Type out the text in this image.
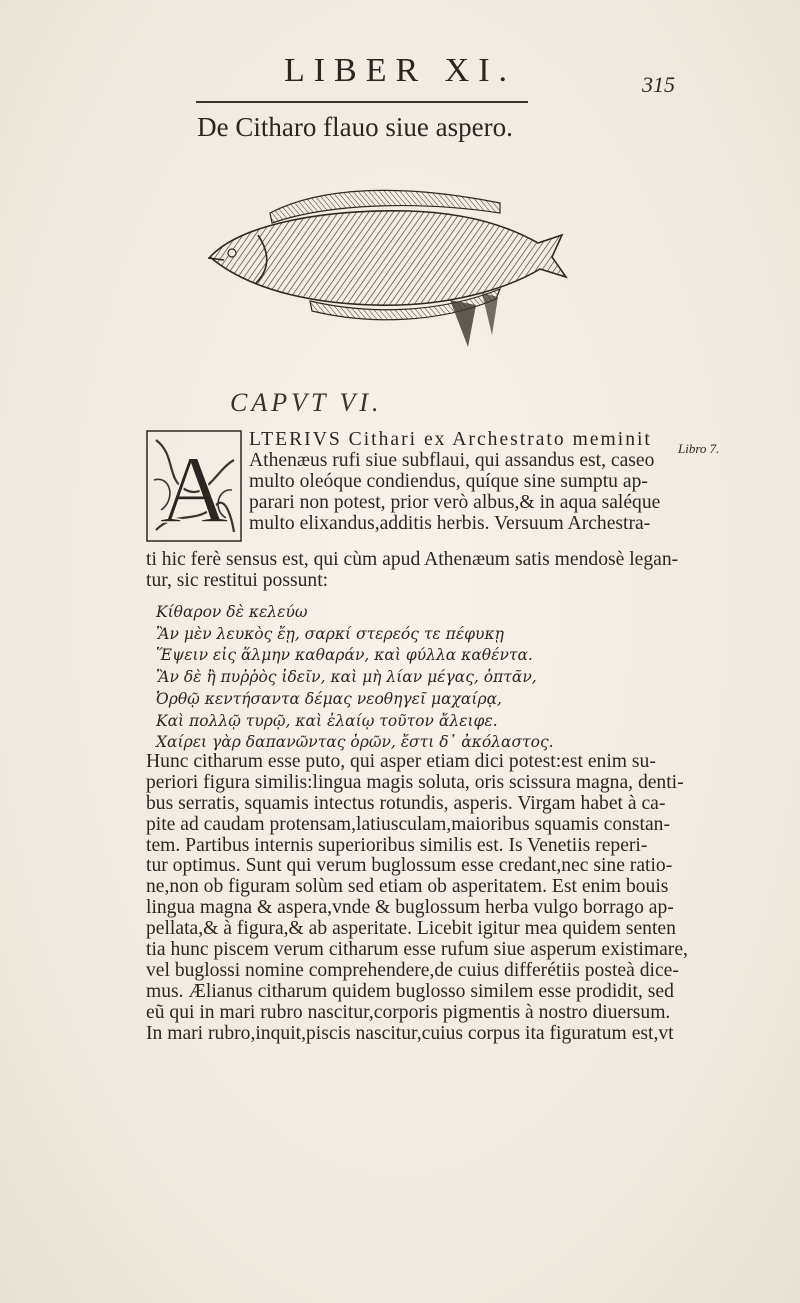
LIBER XI.	315
De Citharo flauo siue aspero.
CAPVT VI.
A LTERIVS Cithari ex Archestrato meminit
Athenæus rufi siue subflaui, qui assandus est, caseo
multo oleóque condiendus, quíque sine sumptu ap-
parari non potest, prior verò albus,& in aqua saléque
multo elixandus,additis herbis. Versuum Archestra-
Libro 7.
ti hic ferè sensus est, qui cùm apud Athenæum satis mendosè legan-
tur, sic restitui possunt:
Κίθαρον δὲ κελεύω
Ἂν μὲν λευκὸς ἔῃ, σαρκί στερεός τε πέφυκῃ
Ἕψειν εἰς ἅλμην καθαράν, καὶ φύλλα καθέντα.
Ἂν δὲ ἢ πυῤῥὸς ἰδεῖν, καὶ μὴ λίαν μέγας, ὀπτᾶν,
Ὀρθῷ κεντήσαντα δέμας νεοθηγεῖ μαχαίρᾳ,
Καὶ πολλῷ τυρῷ, καὶ ἐλαίῳ τοῦτον ἄλειφε.
Χαίρει γὰρ δαπανῶντας ὁρῶν, ἔστι δ᾽ ἀκόλαστος.
Hunc citharum esse puto, qui asper etiam dici potest:est enim su-
periori figura similis:lingua magis soluta, oris scissura magna, denti-
bus serratis, squamis intectus rotundis, asperis. Virgam habet à ca-
pite ad caudam protensam,latiusculam,maioribus squamis constan-
tem. Partibus internis superioribus similis est. Is Venetiis reperi-
tur optimus. Sunt qui verum buglossum esse credant,nec sine ratio-
ne,non ob figuram solùm sed etiam ob asperitatem. Est enim bouis
lingua magna & aspera,vnde & buglossum herba vulgo borrago ap-
pellata,& à figura,& ab asperitate. Licebit igitur mea quidem senten
tia hunc piscem verum citharum esse rufum siue asperum existimare,
vel buglossi nomine comprehendere,de cuius differétiis posteà dice-
mus. Ælianus citharum quidem buglosso similem esse prodidit, sed
eũ qui in mari rubro nascitur,corporis pigmentis à nostro diuersum.
In mari rubro,inquit,piscis nascitur,cuius corpus ita figuratum est,vt
